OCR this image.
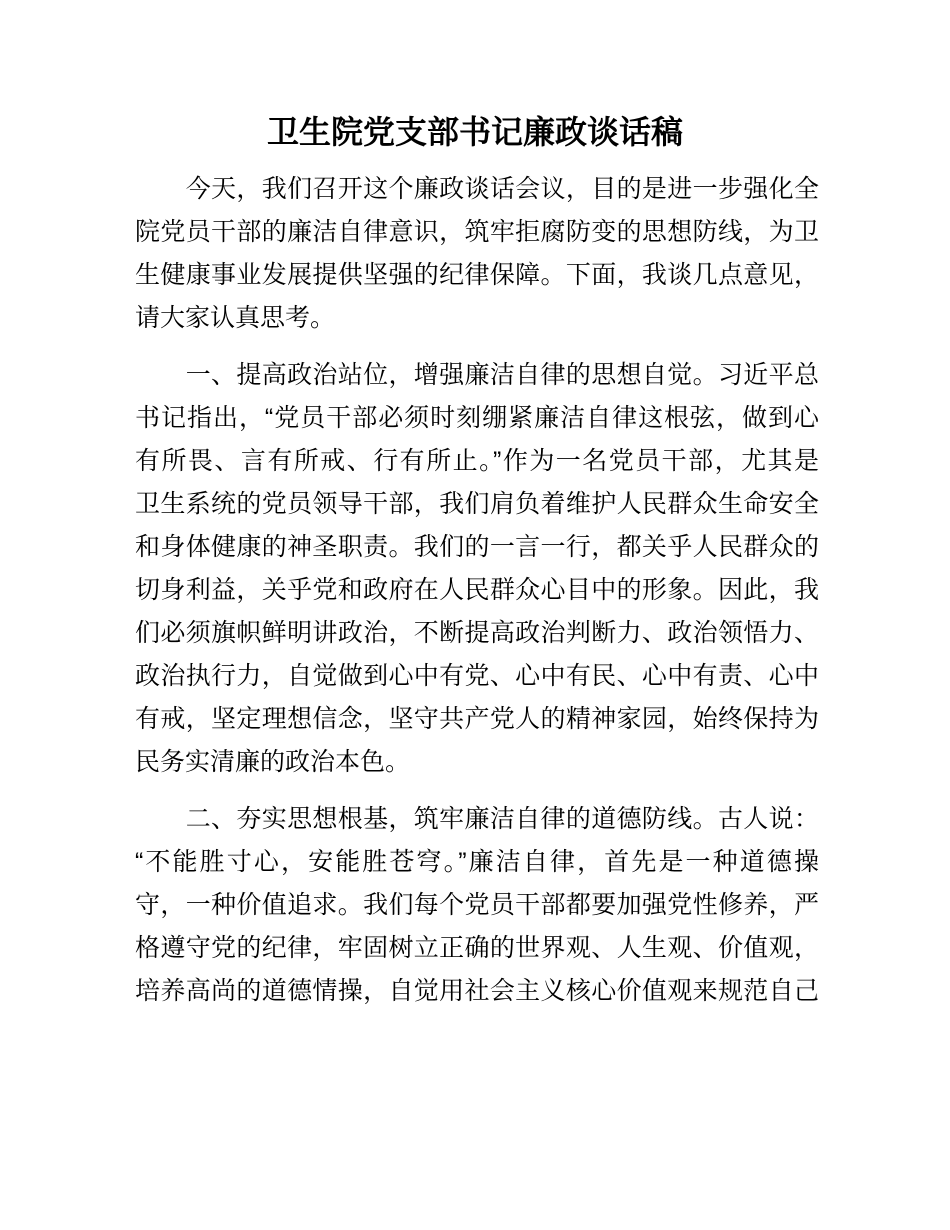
卫生院党支部书记廉政谈话稿
　　今天，我们召开这个廉政谈话会议，目的是进一步强化全
院党员干部的廉洁自律意识，筑牢拒腐防变的思想防线，为卫
生健康事业发展提供坚强的纪律保障。下面，我谈几点意见，
请大家认真思考。
　　一、提高政治站位，增强廉洁自律的思想自觉。习近平总
书记指出，“党员干部必须时刻绷紧廉洁自律这根弦，做到心
有所畏、言有所戒、行有所止。”作为一名党员干部，尤其是
卫生系统的党员领导干部，我们肩负着维护人民群众生命安全
和身体健康的神圣职责。我们的一言一行，都关乎人民群众的
切身利益，关乎党和政府在人民群众心目中的形象。因此，我
们必须旗帜鲜明讲政治，不断提高政治判断力、政治领悟力、
政治执行力，自觉做到心中有党、心中有民、心中有责、心中
有戒，坚定理想信念，坚守共产党人的精神家园，始终保持为
民务实清廉的政治本色。
　　二、夯实思想根基，筑牢廉洁自律的道德防线。古人说：
“不能胜寸心，安能胜苍穹。”廉洁自律，首先是一种道德操
守，一种价值追求。我们每个党员干部都要加强党性修养，严
格遵守党的纪律，牢固树立正确的世界观、人生观、价值观，
培养高尚的道德情操，自觉用社会主义核心价值观来规范自己
